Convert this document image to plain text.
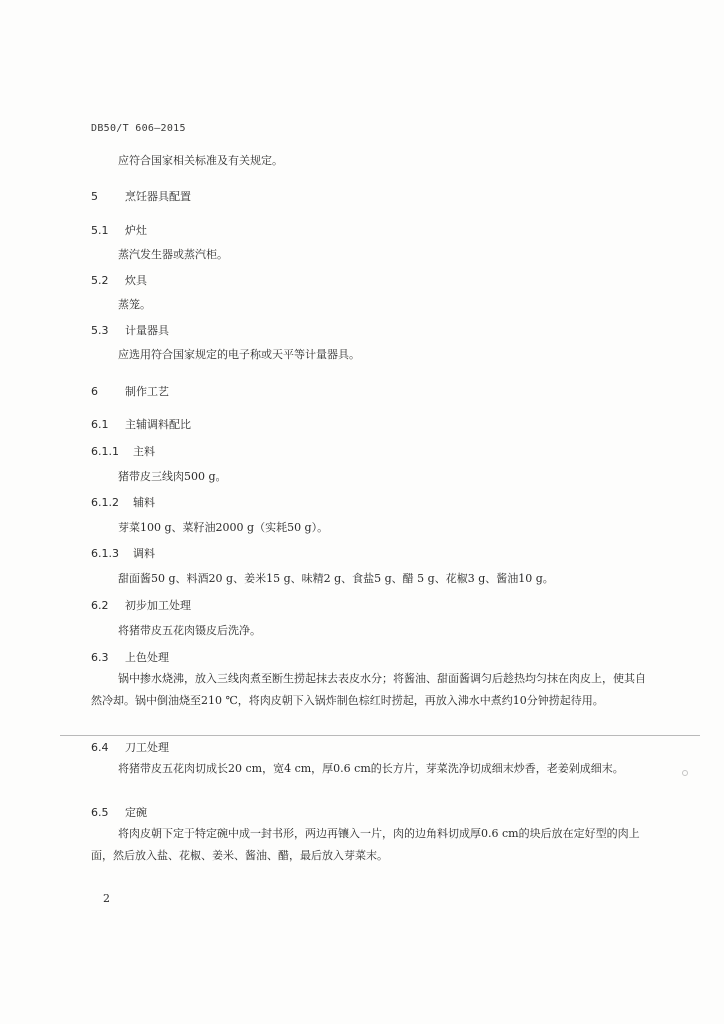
DB50/T 606—2015
应符合国家相关标准及有关规定。
5 烹饪器具配置
5.1 炉灶
蒸汽发生器或蒸汽柜。
5.2 炊具
蒸笼。
5.3 计量器具
应选用符合国家规定的电子称或天平等计量器具。
6 制作工艺
6.1 主辅调料配比
6.1.1 主料
猪带皮三线肉500 g。
6.1.2 辅料
芽菜100 g、菜籽油2000 g（实耗50 g）。
6.1.3 调料
甜面酱50 g、料酒20 g、姜米15 g、味精2 g、食盐5 g、醋 5 g、花椒3 g、酱油10 g。
6.2 初步加工处理
将猪带皮五花肉镊皮后洗净。
6.3 上色处理
锅中掺水烧沸，放入三线肉煮至断生捞起抹去表皮水分；将酱油、甜面酱调匀后趁热均匀抹在肉皮上，使其自然冷却。锅中倒油烧至210 ℃，将肉皮朝下入锅炸制色棕红时捞起，再放入沸水中煮约10分钟捞起待用。
6.4 刀工处理
将猪带皮五花肉切成长20 cm，宽4 cm，厚0.6 cm的长方片，芽菜洗净切成细末炒香，老姜剁成细末。
6.5 定碗
将肉皮朝下定于特定碗中成一封书形，两边再镶入一片，肉的边角料切成厚0.6 cm的块后放在定好型的肉上面，然后放入盐、花椒、姜米、酱油、醋，最后放入芽菜末。
2
